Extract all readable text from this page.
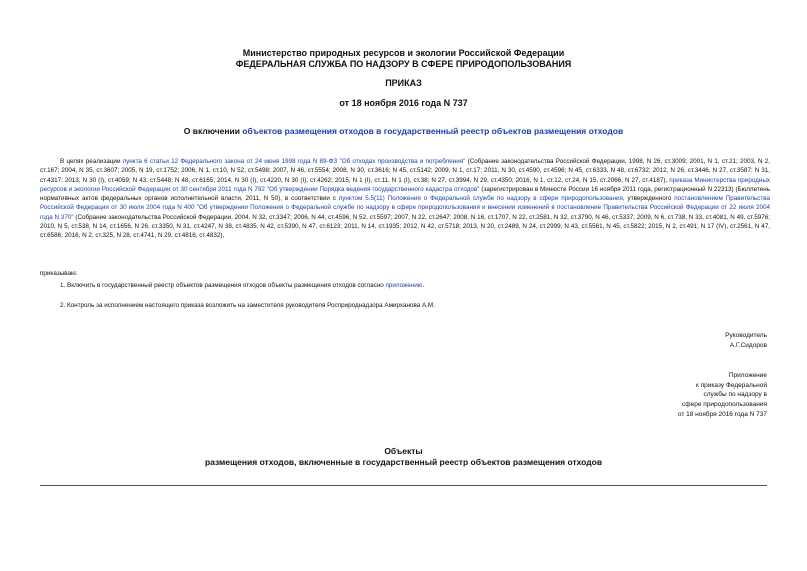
Министерство природных ресурсов и экологии Российской Федерации
ФЕДЕРАЛЬНАЯ СЛУЖБА ПО НАДЗОРУ В СФЕРЕ ПРИРОДОПОЛЬЗОВАНИЯ
ПРИКАЗ
от 18 ноября 2016 года N 737
О включении объектов размещения отходов в государственный реестр объектов размещения отходов

В целях реализации пункта 6 статьи 12 Федерального закона от 24 июня 1998 года N 89-ФЗ "Об отходах производства и потребления" (Собрание законодательства Российской Федерации, 1998, N 26, ст.3009; 2001, N 1, ст.21; 2003, N 2, ст.167; 2004, N 35, ст.3607; 2005, N 19, ст.1752; 2006, N 1, ст.10, N 52, ст.5498; 2007, N 46, ст.5554; 2008, N 30, ст.3616; N 45, ст.5142; 2009, N 1, ст.17; 2011, N 30, ст.4590, ст.4596; N 45, ст.6333, N 48, ст.6732; 2012, N 26, ст.3446, N 27, ст.3587; N 31, ст.4317; 2013, N 30 (I), ст.4059; N 43, ст.5448; N 48, ст.6165; 2014, N 30 (I), ст.4220, N 30 (I), ст.4262; 2015, N 1 (I), ст.11, N 1 (I), ст.38; N 27, ст.3994, N 29, ст.4350; 2016, N 1, ст.12, ст.24, N 15, ст.2066, N 27, ст.4187), приказа Министерства природных ресурсов и экологии Российской Федерации от 30 сентября 2011 года N 792 "Об утверждении Порядка ведения государственного кадастра отходов" (зарегистрирован в Минюсте России 16 ноября 2011 года, регистрационный N 22313) (Бюллетень нормативных актов федеральных органов исполнительной власти, 2011, N 50), в соответствии с пунктом 5.5(11) Положения о Федеральной службе по надзору в сфере природопользования, утвержденного постановлением Правительства Российской Федерации от 30 июля 2004 года N 400 "Об утверждении Положения о Федеральной службе по надзору в сфере природопользования и внесении изменений в постановление Правительства Российской Федерации от 22 июля 2004 года N 370" (Собрание законодательства Российской Федерации, 2004, N 32, ст.3347; 2006, N 44, ст.4596, N 52, ст.5597; 2007, N 22, ст.2647; 2008, N 16, ст.1707, N 22, ст.2581, N 32, ст.3790, N 46, ст.5337; 2009, N 6, ст.738, N 33, ст.4081, N 49, ст.5976; 2010, N 5, ст.538, N 14, ст.1656, N 26, ст.3350, N 31, ст.4247, N 38, ст.4835, N 42, ст.5390, N 47, ст.6123; 2011, N 14, ст.1935; 2012, N 42, ст.5718; 2013, N 20, ст.2489, N 24, ст.2999, N 43, ст.5561, N 45, ст.5822; 2015, N 2, ст.491; N 17 (IV), ст.2561, N 47, ст.6586; 2016, N 2, ст.325, N 28, ст.4741, N 29, ст.4816, ст.4832),

приказываю:

1. Включить в государственный реестр объектов размещения отходов объекты размещения отходов согласно приложению.

2. Контроль за исполнением настоящего приказа возложить на заместителя руководителя Росприроднадзора Амирханова А.М.

Руководитель
А.Г.Сидоров
Приложение
к приказу Федеральной
службы по надзору в
сфере природопользования
от 18 ноября 2016 года N 737
Объекты
размещения отходов, включенные в государственный реестр объектов размещения отходов
